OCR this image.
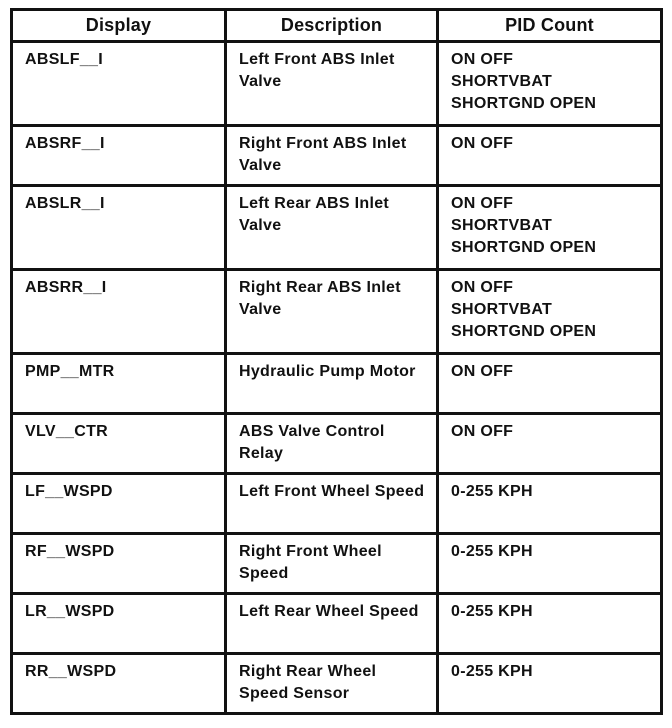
Display	Description	PID Count
ABSLF__I	Left Front ABS Inlet Valve	ON OFF
SHORTVBAT
SHORTGND OPEN

ABSRF__I	Right Front ABS Inlet Valve	ON OFF

ABSLR__I	Left Rear ABS Inlet Valve	ON OFF
SHORTVBAT
SHORTGND OPEN

ABSRR__I	Right Rear ABS Inlet Valve	ON OFF
SHORTVBAT
SHORTGND OPEN

PMP__MTR	Hydraulic Pump Motor	ON OFF

VLV__CTR	ABS Valve Control Relay	ON OFF

LF__WSPD	Left Front Wheel Speed	0-255 KPH

RF__WSPD	Right Front Wheel Speed	0-255 KPH

LR__WSPD	Left Rear Wheel Speed	0-255 KPH

RR__WSPD	Right Rear Wheel Speed Sensor	0-255 KPH
